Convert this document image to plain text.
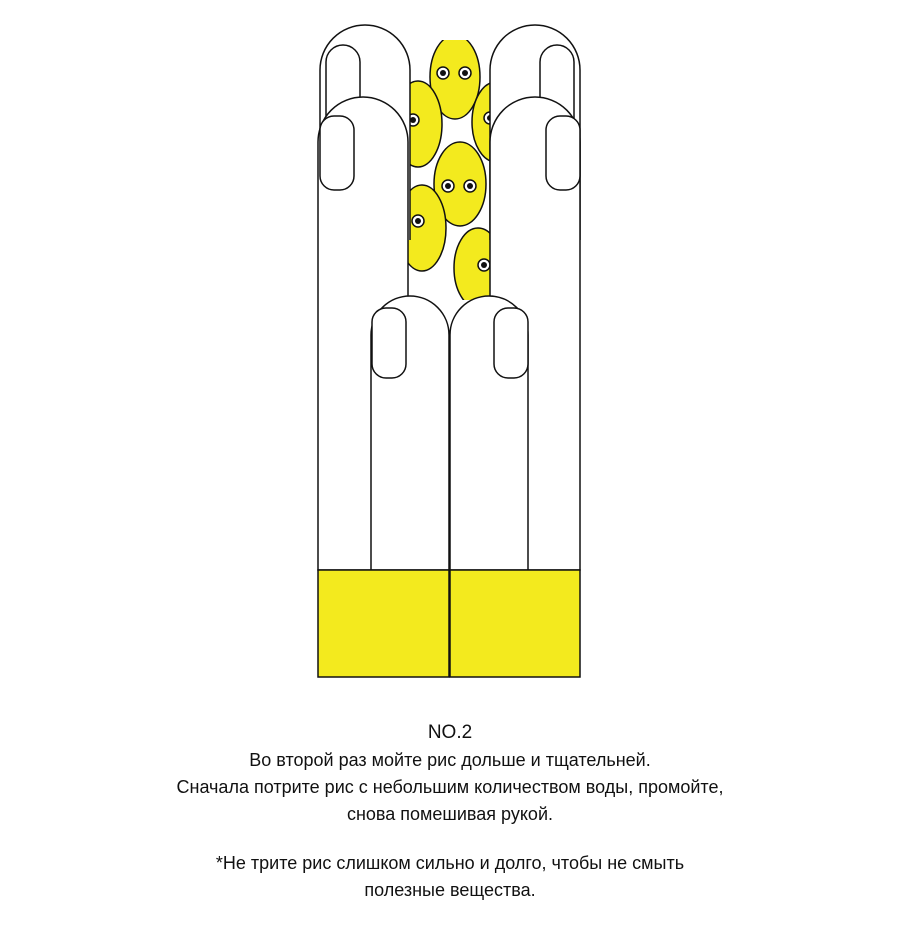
NO.2
Во второй раз мойте рис дольше и тщательней.
Сначала потрите рис с небольшим количеством воды, промойте,
снова помешивая рукой.
*Не трите рис слишком сильно и долго, чтобы не смыть
полезные вещества.
